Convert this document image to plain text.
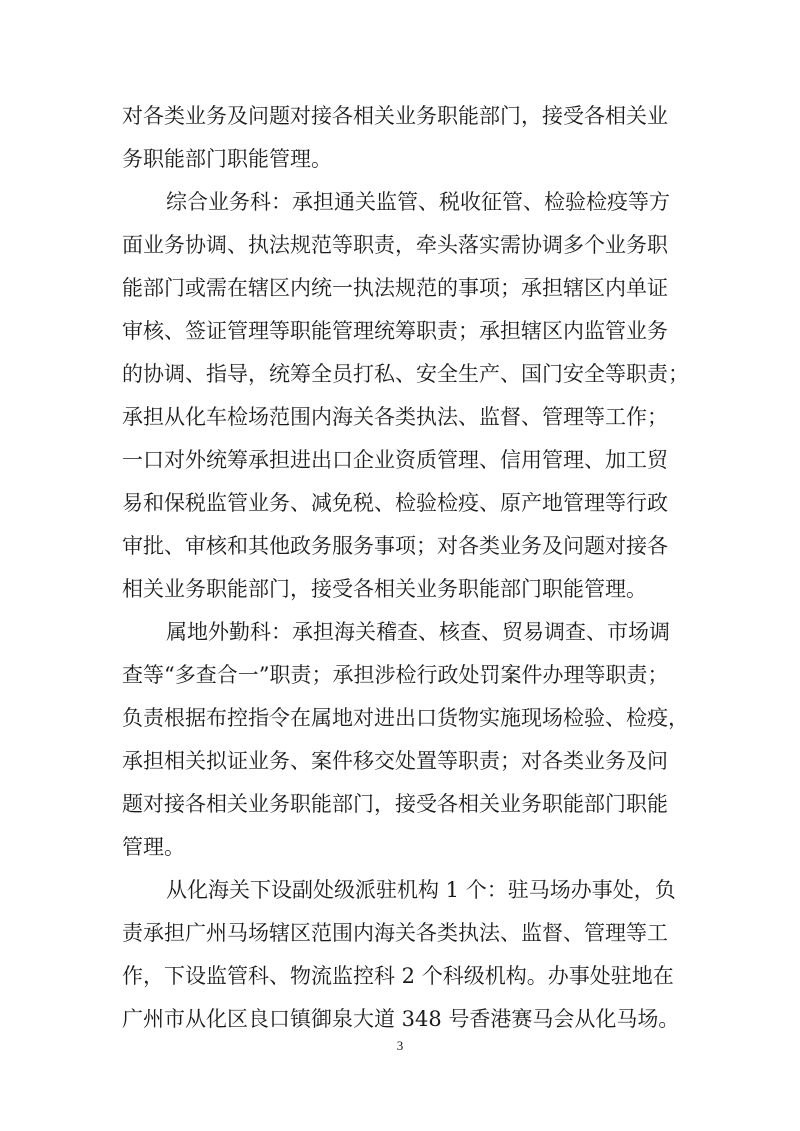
对各类业务及问题对接各相关业务职能部门，接受各相关业
务职能部门职能管理。
综合业务科：承担通关监管、税收征管、检验检疫等方
面业务协调、执法规范等职责，牵头落实需协调多个业务职
能部门或需在辖区内统一执法规范的事项；承担辖区内单证
审核、签证管理等职能管理统筹职责；承担辖区内监管业务
的协调、指导，统筹全员打私、安全生产、国门安全等职责；
承担从化车检场范围内海关各类执法、监督、管理等工作；
一口对外统筹承担进出口企业资质管理、信用管理、加工贸
易和保税监管业务、减免税、检验检疫、原产地管理等行政
审批、审核和其他政务服务事项；对各类业务及问题对接各
相关业务职能部门，接受各相关业务职能部门职能管理。
属地外勤科：承担海关稽查、核查、贸易调查、市场调
查等“多查合一”职责；承担涉检行政处罚案件办理等职责；
负责根据布控指令在属地对进出口货物实施现场检验、检疫，
承担相关拟证业务、案件移交处置等职责；对各类业务及问
题对接各相关业务职能部门，接受各相关业务职能部门职能
管理。
从化海关下设副处级派驻机构 1 个：驻马场办事处，负
责承担广州马场辖区范围内海关各类执法、监督、管理等工
作，下设监管科、物流监控科 2 个科级机构。办事处驻地在
广州市从化区良口镇御泉大道 348 号香港赛马会从化马场。
3
